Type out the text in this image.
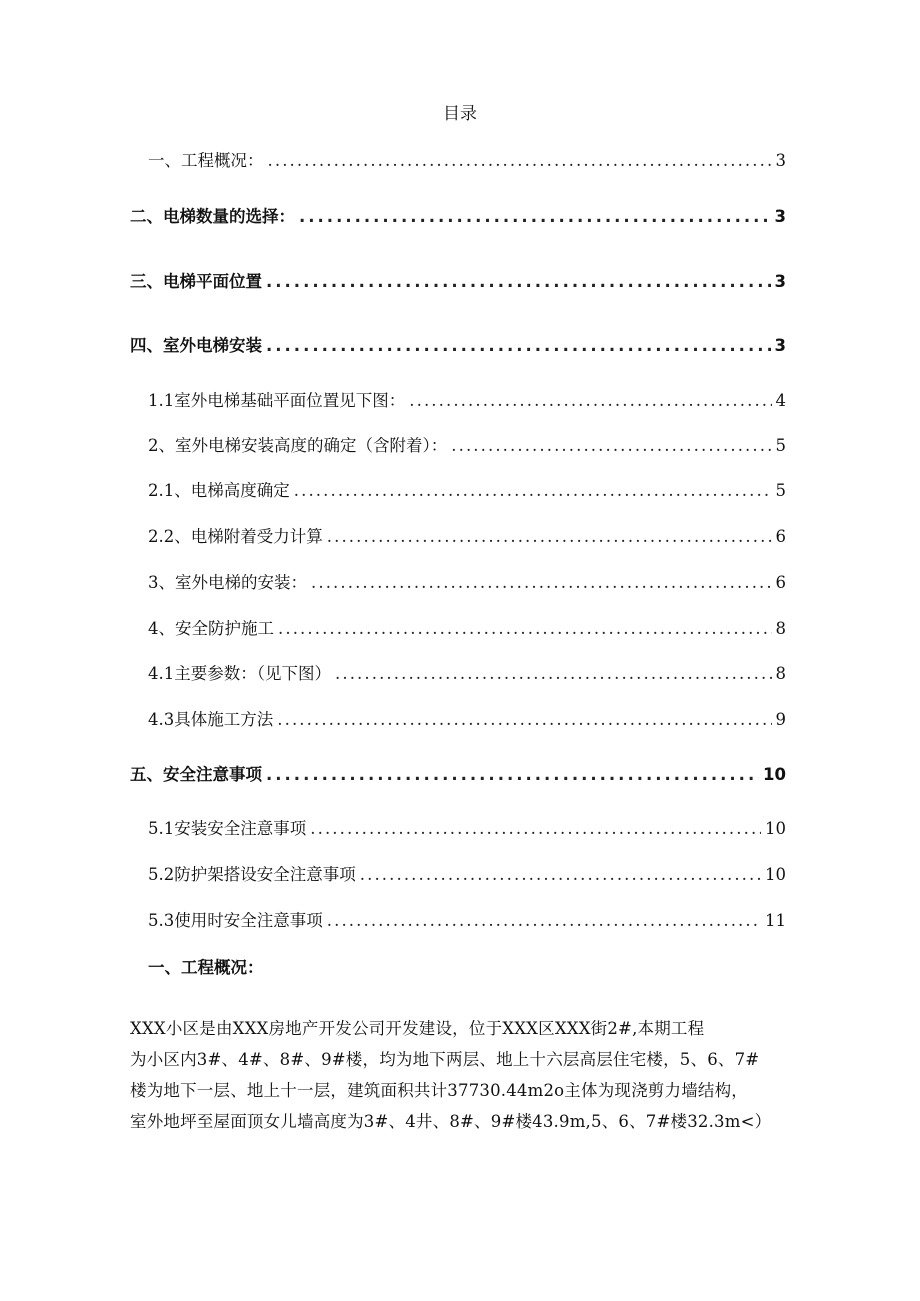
目录
一、工程概况： .....	3
二、电梯数量的选择： .....	3
三、电梯平面位置 .....	3
四、室外电梯安装 .....	3
1.1室外电梯基础平面位置见下图： .....	4
2、室外电梯安装高度的确定（含附着）： .....	5
2.1、电梯高度确定 .....	5
2.2、电梯附着受力计算 .....	6
3、室外电梯的安装： .....	6
4、安全防护施工 .....	8
4.1主要参数：（见下图） .....	8
4.3具体施工方法 .....	9
五、安全注意事项 .....	10
5.1安装安全注意事项 .....	10
5.2防护架搭设安全注意事项 .....	10
5.3使用时安全注意事项 .....	11
一、工程概况：
XXX小区是由XXX房地产开发公司开发建设，位于XXX区XXX街2#,本期工程
为小区内3#、4#、8#、9#楼，均为地下两层、地上十六层高层住宅楼，5、6、7#
楼为地下一层、地上十一层，建筑面积共计37730.44m2o主体为现浇剪力墙结构，
室外地坪至屋面顶女儿墙高度为3#、4井、8#、9#楼43.9m,5、6、7#楼32.3m<）
